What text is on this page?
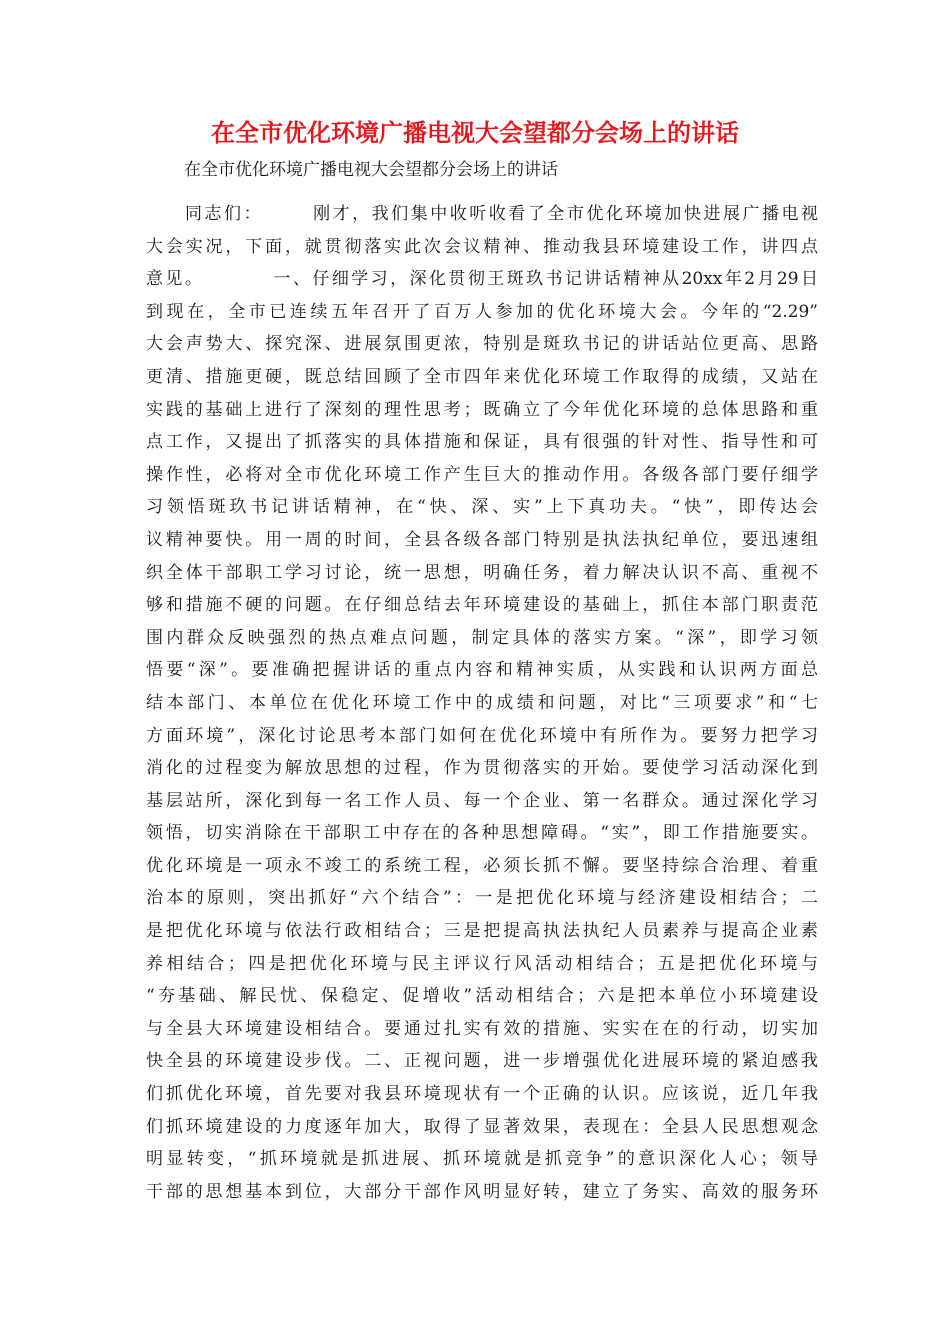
在全市优化环境广播电视大会望都分会场上的讲话
在全市优化环境广播电视大会望都分会场上的讲话
　　同志们：　　　刚才，我们集中收听收看了全市优化环境加快进展广播电视
大会实况，下面，就贯彻落实此次会议精神、推动我县环境建设工作，讲四点
意见。　　　　一、仔细学习，深化贯彻王斑玖书记讲话精神从20xx年2月29日
到现在，全市已连续五年召开了百万人参加的优化环境大会。今年的“2.29”
大会声势大、探究深、进展氛围更浓，特别是斑玖书记的讲话站位更高、思路
更清、措施更硬，既总结回顾了全市四年来优化环境工作取得的成绩，又站在
实践的基础上进行了深刻的理性思考；既确立了今年优化环境的总体思路和重
点工作，又提出了抓落实的具体措施和保证，具有很强的针对性、指导性和可
操作性，必将对全市优化环境工作产生巨大的推动作用。各级各部门要仔细学
习领悟斑玖书记讲话精神，在“快、深、实”上下真功夫。“快”，即传达会
议精神要快。用一周的时间，全县各级各部门特别是执法执纪单位，要迅速组
织全体干部职工学习讨论，统一思想，明确任务，着力解决认识不高、重视不
够和措施不硬的问题。在仔细总结去年环境建设的基础上，抓住本部门职责范
围内群众反映强烈的热点难点问题，制定具体的落实方案。“深”，即学习领
悟要“深”。要准确把握讲话的重点内容和精神实质，从实践和认识两方面总
结本部门、本单位在优化环境工作中的成绩和问题，对比“三项要求”和“七
方面环境”，深化讨论思考本部门如何在优化环境中有所作为。要努力把学习
消化的过程变为解放思想的过程，作为贯彻落实的开始。要使学习活动深化到
基层站所，深化到每一名工作人员、每一个企业、第一名群众。通过深化学习
领悟，切实消除在干部职工中存在的各种思想障碍。“实”，即工作措施要实。
优化环境是一项永不竣工的系统工程，必须长抓不懈。要坚持综合治理、着重
治本的原则，突出抓好“六个结合”：一是把优化环境与经济建设相结合；二
是把优化环境与依法行政相结合；三是把提高执法执纪人员素养与提高企业素
养相结合；四是把优化环境与民主评议行风活动相结合；五是把优化环境与
“夯基础、解民忧、保稳定、促增收”活动相结合；六是把本单位小环境建设
与全县大环境建设相结合。要通过扎实有效的措施、实实在在的行动，切实加
快全县的环境建设步伐。二、正视问题，进一步增强优化进展环境的紧迫感我
们抓优化环境，首先要对我县环境现状有一个正确的认识。应该说，近几年我
们抓环境建设的力度逐年加大，取得了显著效果，表现在：全县人民思想观念
明显转变，“抓环境就是抓进展、抓环境就是抓竞争”的意识深化人心；领导
干部的思想基本到位，大部分干部作风明显好转，建立了务实、高效的服务环
